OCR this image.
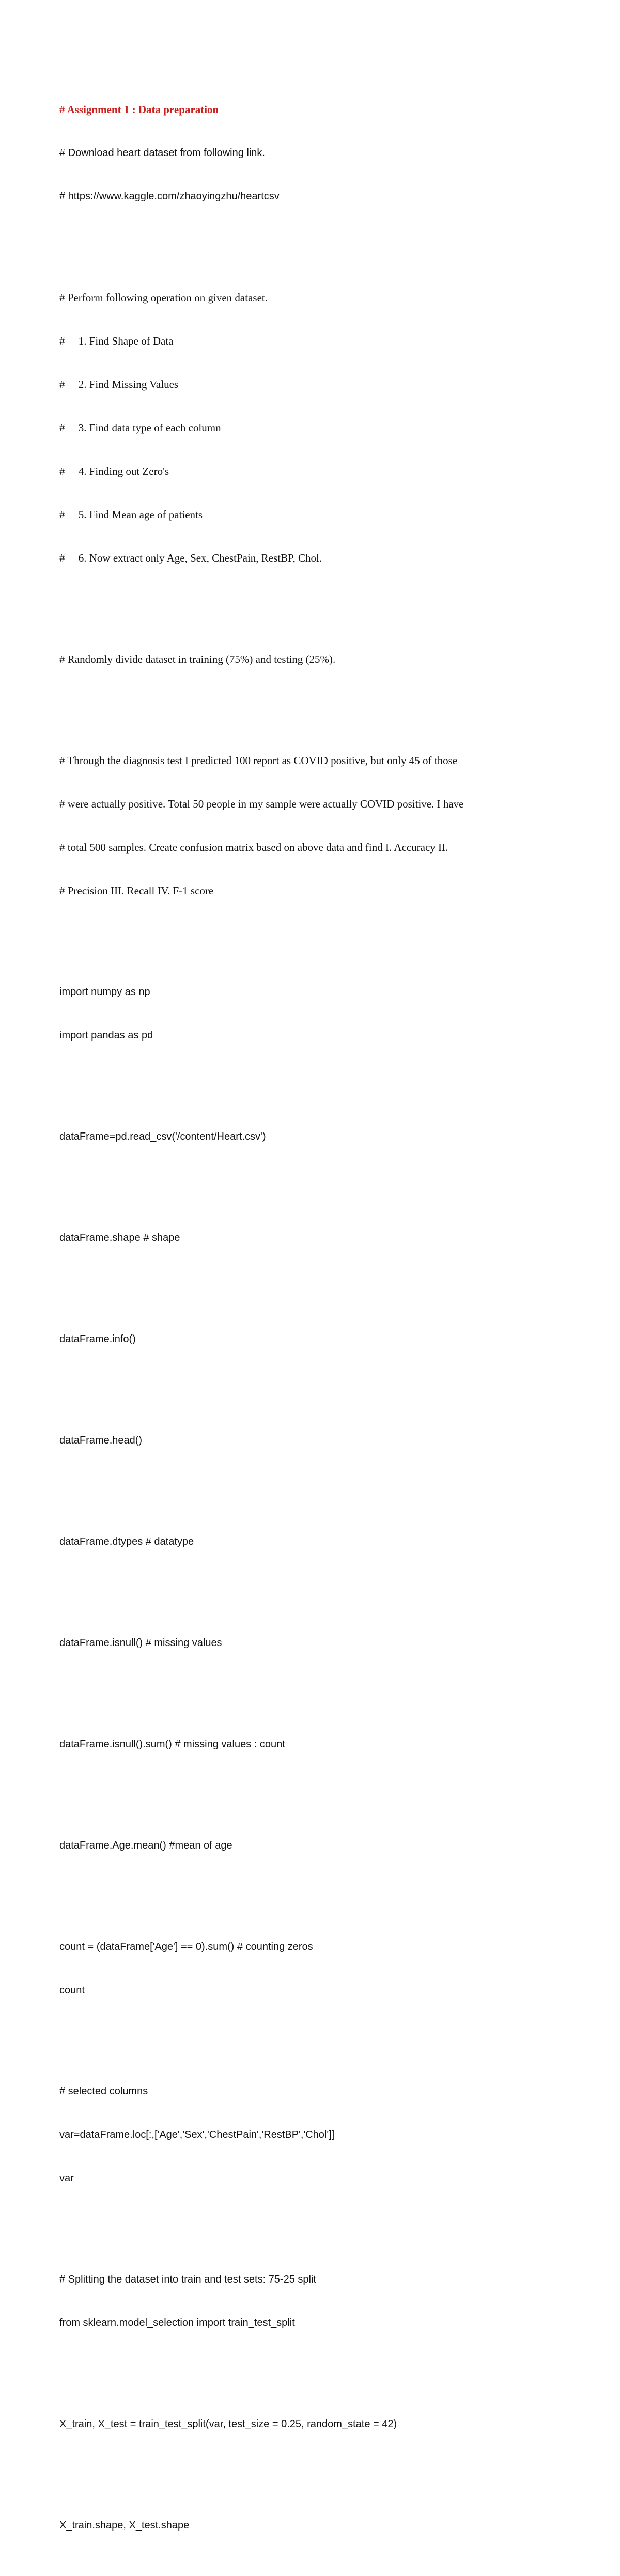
# Assignment 1 : Data preparation

# Download heart dataset from following link.

# https://www.kaggle.com/zhaoyingzhu/heartcsv

# Perform following operation on given dataset.

#     1. Find Shape of Data

#     2. Find Missing Values

#     3. Find data type of each column

#     4. Finding out Zero's

#     5. Find Mean age of patients

#     6. Now extract only Age, Sex, ChestPain, RestBP, Chol.

# Randomly divide dataset in training (75%) and testing (25%).

# Through the diagnosis test I predicted 100 report as COVID positive, but only 45 of those

# were actually positive. Total 50 people in my sample were actually COVID positive. I have

# total 500 samples. Create confusion matrix based on above data and find I. Accuracy II.

# Precision III. Recall IV. F-1 score

import numpy as np

import pandas as pd

dataFrame=pd.read_csv('/content/Heart.csv')

dataFrame.shape # shape

dataFrame.info()

dataFrame.head()

dataFrame.dtypes # datatype

dataFrame.isnull() # missing values

dataFrame.isnull().sum() # missing values : count

dataFrame.Age.mean() #mean of age

count = (dataFrame['Age'] == 0).sum() # counting zeros

count

# selected columns

var=dataFrame.loc[:,['Age','Sex','ChestPain','RestBP','Chol']]

var

# Splitting the dataset into train and test sets: 75-25 split

from sklearn.model_selection import train_test_split

X_train, X_test = train_test_split(var, test_size = 0.25, random_state = 42)

X_train.shape, X_test.shape
